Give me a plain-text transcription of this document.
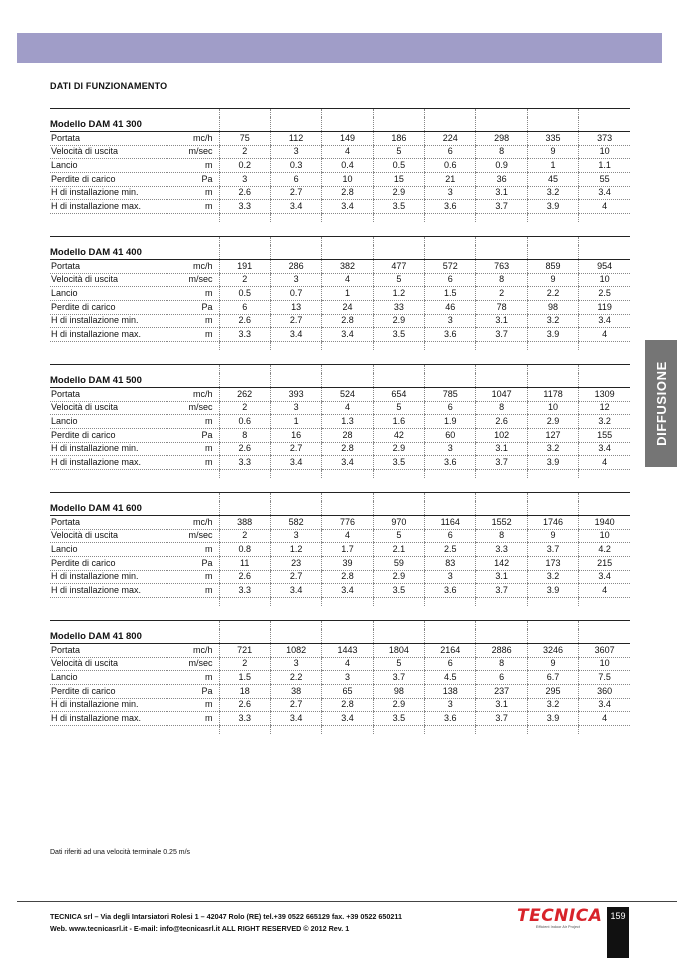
DATI DI FUNZIONAMENTO
DIFFUSIONE

Modello DAM 41 300									
Portata	mc/h	75	112	149	186	224	298	335	373
Velocità di uscita	m/sec	2	3	4	5	6	8	9	10
Lancio	m	0.2	0.3	0.4	0.5	0.6	0.9	1	1.1
Perdite di carico	Pa	3	6	10	15	21	36	45	55
H di installazione min.	m	2.6	2.7	2.8	2.9	3	3.1	3.2	3.4
H di installazione max.	m	3.3	3.4	3.4	3.5	3.6	3.7	3.9	4

Modello DAM 41 400									
Portata	mc/h	191	286	382	477	572	763	859	954
Velocità di uscita	m/sec	2	3	4	5	6	8	9	10
Lancio	m	0.5	0.7	1	1.2	1.5	2	2.2	2.5
Perdite di carico	Pa	6	13	24	33	46	78	98	119
H di installazione min.	m	2.6	2.7	2.8	2.9	3	3.1	3.2	3.4
H di installazione max.	m	3.3	3.4	3.4	3.5	3.6	3.7	3.9	4

Modello DAM 41 500									
Portata	mc/h	262	393	524	654	785	1047	1178	1309
Velocità di uscita	m/sec	2	3	4	5	6	8	10	12
Lancio	m	0.6	1	1.3	1.6	1.9	2.6	2.9	3.2
Perdite di carico	Pa	8	16	28	42	60	102	127	155
H di installazione min.	m	2.6	2.7	2.8	2.9	3	3.1	3.2	3.4
H di installazione max.	m	3.3	3.4	3.4	3.5	3.6	3.7	3.9	4

Modello DAM 41 600									
Portata	mc/h	388	582	776	970	1164	1552	1746	1940
Velocità di uscita	m/sec	2	3	4	5	6	8	9	10
Lancio	m	0.8	1.2	1.7	2.1	2.5	3.3	3.7	4.2
Perdite di carico	Pa	11	23	39	59	83	142	173	215
H di installazione min.	m	2.6	2.7	2.8	2.9	3	3.1	3.2	3.4
H di installazione max.	m	3.3	3.4	3.4	3.5	3.6	3.7	3.9	4

Modello DAM 41 800									
Portata	mc/h	721	1082	1443	1804	2164	2886	3246	3607
Velocità di uscita	m/sec	2	3	4	5	6	8	9	10
Lancio	m	1.5	2.2	3	3.7	4.5	6	6.7	7.5
Perdite di carico	Pa	18	38	65	98	138	237	295	360
H di installazione min.	m	2.6	2.7	2.8	2.9	3	3.1	3.2	3.4
H di installazione max.	m	3.3	3.4	3.4	3.5	3.6	3.7	3.9	4

Dati riferiti ad una velocità terminale 0.25 m/s
TECNICA srl – Via degli Intarsiatori Rolesi 1 – 42047 Rolo (RE) tel.+39 0522 665129 fax. +39 0522 650211
Web. www.tecnicasrl.it - E-mail: info@tecnicasrl.it ALL RIGHT RESERVED © 2012 Rev. 1
TECNICA
Efficient Indoor Air Project
159
